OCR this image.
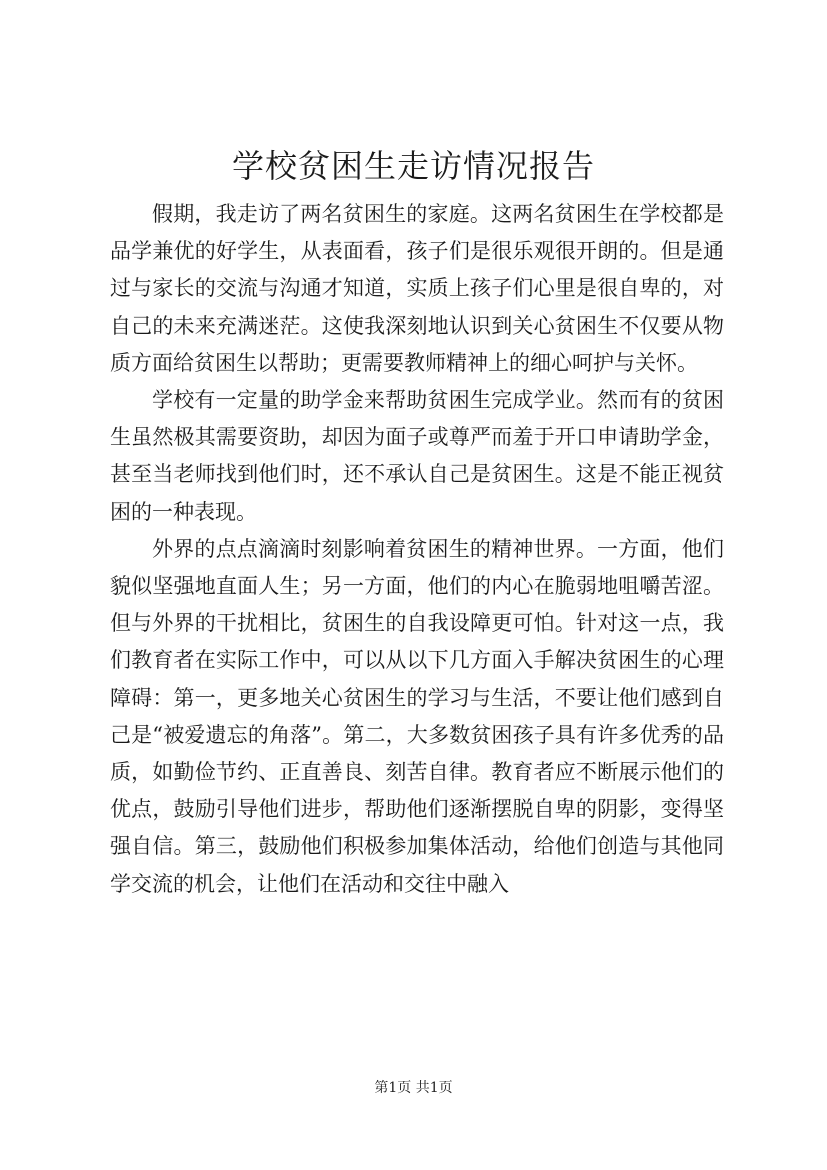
学校贫困生走访情况报告

假期，我走访了两名贫困生的家庭。这两名贫困生在学校都是品学兼优的好学生，从表面看，孩子们是很乐观很开朗的。但是通过与家长的交流与沟通才知道，实质上孩子们心里是很自卑的，对自己的未来充满迷茫。这使我深刻地认识到关心贫困生不仅要从物质方面给贫困生以帮助；更需要教师精神上的细心呵护与关怀。

学校有一定量的助学金来帮助贫困生完成学业。然而有的贫困生虽然极其需要资助，却因为面子或尊严而羞于开口申请助学金，甚至当老师找到他们时，还不承认自己是贫困生。这是不能正视贫困的一种表现。

外界的点点滴滴时刻影响着贫困生的精神世界。一方面，他们貌似坚强地直面人生；另一方面，他们的内心在脆弱地咀嚼苦涩。但与外界的干扰相比，贫困生的自我设障更可怕。针对这一点，我们教育者在实际工作中，可以从以下几方面入手解决贫困生的心理障碍：第一，更多地关心贫困生的学习与生活，不要让他们感到自己是“被爱遗忘的角落”。第二，大多数贫困孩子具有许多优秀的品质，如勤俭节约、正直善良、刻苦自律。教育者应不断展示他们的优点，鼓励引导他们进步，帮助他们逐渐摆脱自卑的阴影，变得坚强自信。第三，鼓励他们积极参加集体活动，给他们创造与其他同学交流的机会，让他们在活动和交往中融入

第1页 共1页
